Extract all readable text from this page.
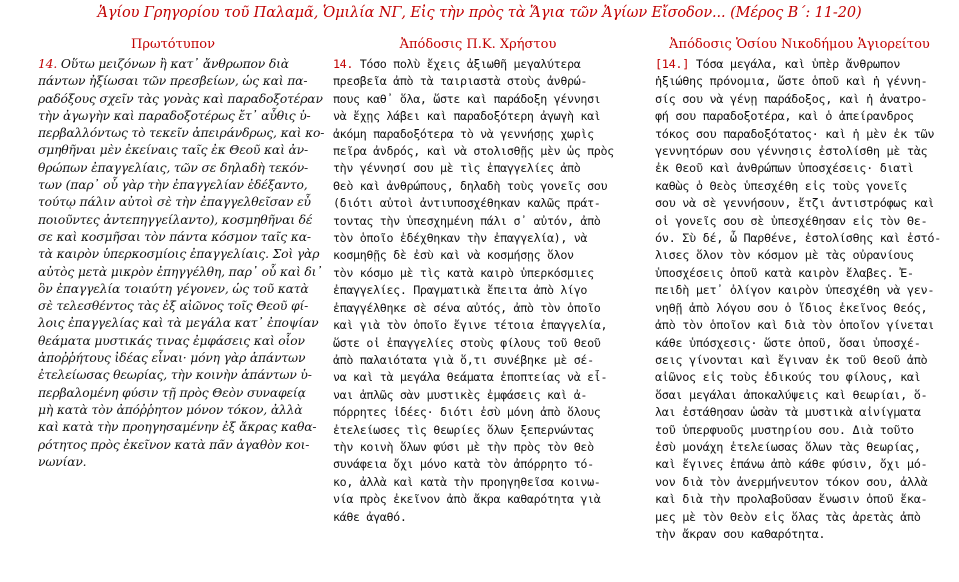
Ἁγίου Γρηγορίου τοῦ Παλαμᾶ, Ὁμιλία ΝΓ, Εἰς τὴν πρὸς τὰ Ἅγια τῶν Ἁγίων Εἴσοδον... (Μέρος Β΄: 11-20)
Πρωτότυπον	Ἀπόδοσις Π.Κ. Χρήστου	Ἀπόδοσις Ὁσίου Νικοδήμου Ἁγιορείτου

14. Οὕτω μειζόνων ἢ κατ᾽ ἄνθρωπον διὰ
πάντων ἠξίωσαι τῶν πρεσβείων, ὡς καὶ πα-
ραδόξους σχεῖν τὰς γονὰς καὶ παραδοξοτέραν
τὴν ἀγωγὴν καὶ παραδοξοτέρως ἔτ᾽ αὖθις ὑ-
περβαλλόντως τὸ τεκεῖν ἀπειράνδρως, καὶ κο-
σμηθῆναι μὲν ἐκείναις ταῖς ἐκ Θεοῦ καὶ ἀν-
θρώπων ἐπαγγελίαις, τῶν σε δηλαδὴ τεκόν-
των (παρ᾽ οὗ γὰρ τὴν ἐπαγγελίαν ἐδέξαντο,
τούτῳ πάλιν αὐτοὶ σὲ τὴν ἐπαγγελθεῖσαν εὖ
ποιοῦντες ἀντεπηγγείλαντο), κοσμηθῆναι δέ
σε καὶ κοσμῆσαι τὸν πάντα κόσμον ταῖς κα-
τὰ καιρὸν ὑπερκοσμίοις ἐπαγγελίαις. Σοὶ γὰρ
αὐτὸς μετὰ μικρὸν ἐπηγγέλθη, παρ᾽ οὗ καὶ δι᾽
ὃν ἐπαγγελία τοιαύτη γέγονεν, ὡς τοῦ κατὰ
σὲ τελεσθέντος τὰς ἐξ αἰῶνος τοῖς Θεοῦ φί-
λοις ἐπαγγελίας καὶ τὰ μεγάλα κατ᾽ ἐποψίαν
θεάματα μυστικάς τινας ἐμφάσεις καὶ οἷον
ἀποῤῥήτους ἰδέας εἶναι· μόνη γὰρ ἁπάντων
ἐτελείωσας θεωρίας, τὴν κοινὴν ἁπάντων ὑ-
περβαλομένη φύσιν τῇ πρὸς Θεὸν συναφείᾳ
μὴ κατὰ τὸν ἀπόῤῥητον μόνον τόκον, ἀλλὰ
καὶ κατὰ τὴν προηγησαμένην ἐξ ἄκρας καθα-
ρότητος πρὸς ἐκεῖνον κατὰ πᾶν ἀγαθὸν κοι-
νωνίαν.

14. Τόσο πολὺ ἔχεις ἀξιωθῆ μεγαλύτερα
πρεσβεῖα ἀπὸ τὰ ταιριαστὰ στοὺς ἀνθρώ-
πους καθ᾽ ὅλα, ὥστε καὶ παράδοξη γέννησι
νὰ ἔχῃς λάβει καὶ παραδοξότερη ἀγωγὴ καὶ
ἀκόμη παραδοξότερα τὸ νὰ γεννήσῃς χωρὶς
πεῖρα ἀνδρός, καὶ νὰ στολισθῇς μὲν ὡς πρὸς
τὴν γέννησί σου μὲ τὶς ἐπαγγελίες ἀπὸ
Θεὸ καὶ ἀνθρώπους, δηλαδὴ τοὺς γονεῖς σου
(διότι αὐτοὶ ἀντιυποσχέθηκαν καλῶς πράτ-
τοντας τὴν ὑπεσχημένη πάλι σ᾽ αὐτόν, ἀπὸ
τὸν ὁποῖο ἐδέχθηκαν τὴν ἐπαγγελία), νὰ
κοσμηθῇς δὲ ἐσὺ καὶ νὰ κοσμήσῃς ὅλον
τὸν κόσμο μὲ τὶς κατὰ καιρὸ ὑπερκόσμιες
ἐπαγγελίες. Πραγματικὰ ἔπειτα ἀπὸ λίγο
ἐπαγγέλθηκε σὲ σένα αὐτός, ἀπὸ τὸν ὁποῖο
καὶ γιὰ τὸν ὁποῖο ἔγινε τέτοια ἐπαγγελία,
ὥστε οἱ ἐπαγγελίες στοὺς φίλους τοῦ Θεοῦ
ἀπὸ παλαιότατα γιὰ ὅ,τι συνέβηκε μὲ σέ-
να καὶ τὰ μεγάλα θεάματα ἐποπτείας νὰ εἶ-
ναι ἁπλῶς σὰν μυστικὲς ἐμφάσεις καὶ ἀ-
πόρρητες ἰδέες· διότι ἐσὺ μόνη ἀπὸ ὅλους
ἐτελείωσες τὶς θεωρίες ὅλων ξεπερνώντας
τὴν κοινὴ ὅλων φύσι μὲ τὴν πρὸς τὸν Θεὸ
συνάφεια ὄχι μόνο κατὰ τὸν ἀπόρρητο τό-
κο, ἀλλὰ καὶ κατὰ τὴν προηγηθεῖσα κοινω-
νία πρὸς ἐκεῖνον ἀπὸ ἄκρα καθαρότητα γιὰ
κάθε ἀγαθό.

[14.] Τόσα μεγάλα, καὶ ὑπὲρ ἄνθρωπον
ἠξιώθης πρόνομια, ὥστε ὁποῦ καὶ ἡ γέννη-
σίς σου νὰ γένῃ παράδοξος, καὶ ἡ ἀνατρο-
φή σου παραδοξοτέρα, καὶ ὁ ἀπείρανδρος
τόκος σου παραδοξότατος· καὶ ἡ μὲν ἐκ τῶν
γεννητόρων σου γέννησις ἐστολίσθη μὲ τὰς
ἐκ Θεοῦ καὶ ἀνθρώπων ὑποσχέσεις· διατὶ
καθὼς ὁ Θεὸς ὑπεσχέθη εἰς τοὺς γονεῖς
σου νὰ σὲ γεννήσουν, ἔτζι ἀντιστρόφως καὶ
οἱ γονεῖς σου σὲ ὑπεσχέθησαν εἰς τὸν Θε-
όν. Σὺ δέ, ὦ Παρθένε, ἐστολίσθης καὶ ἐστό-
λισες ὅλον τὸν κόσμον μὲ τὰς οὐρανίους
ὑποσχέσεις ὁποῦ κατὰ καιρὸν ἔλαβες. Ἐ-
πειδὴ μετ᾽ ὀλίγον καιρὸν ὑπεσχέθη νὰ γεν-
νηθῇ ἀπὸ λόγου σου ὁ ἴδιος ἐκεῖνος Θεός,
ἀπὸ τὸν ὁποῖον καὶ διὰ τὸν ὁποῖον γίνεται
κάθε ὑπόσχεσις· ὥστε ὁποῦ, ὅσαι ὑποσχέ-
σεις γίνονται καὶ ἔγιναν ἐκ τοῦ Θεοῦ ἀπὸ
αἰῶνος εἰς τοὺς ἐδικούς του φίλους, καὶ
ὅσαι μεγάλαι ἀποκαλύψεις καὶ θεωρίαι, ὅ-
λαι ἐστάθησαν ὡσὰν τὰ μυστικὰ αἰνίγματα
τοῦ ὑπερφυοῦς μυστηρίου σου. Διὰ τοῦτο
ἐσὺ μονάχη ἐτελείωσας ὅλων τὰς θεωρίας,
καὶ ἔγινες ἐπάνω ἀπὸ κάθε φύσιν, ὄχι μό-
νον διὰ τὸν ἀνερμήνευτον τόκον σου, ἀλλὰ
καὶ διὰ τὴν προλαβοῦσαν ἕνωσιν ὁποῦ ἔκα-
μες μὲ τὸν Θεὸν εἰς ὅλας τὰς ἀρετὰς ἀπὸ
τὴν ἄκραν σου καθαρότητα.
